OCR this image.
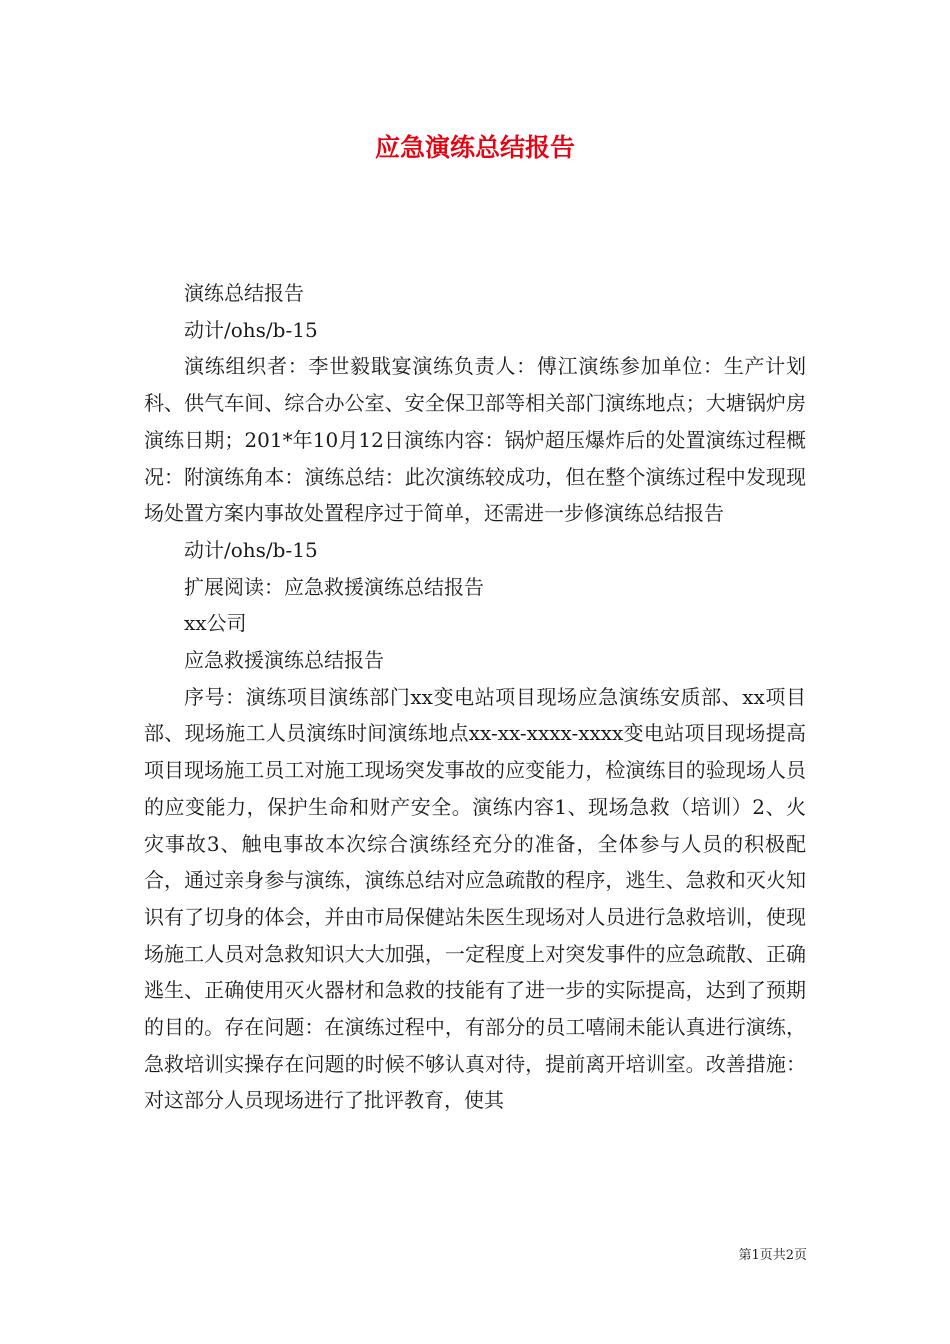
应急演练总结报告

演练总结报告

动计/ohs/b-15

演练组织者：李世毅戢宴演练负责人：傅江演练参加单位：生产计划科、供气车间、综合办公室、安全保卫部等相关部门演练地点；大塘锅炉房演练日期；201*年10月12日演练内容：锅炉超压爆炸后的处置演练过程概况：附演练角本：演练总结：此次演练较成功，但在整个演练过程中发现现场处置方案内事故处置程序过于简单，还需进一步修演练总结报告

动计/ohs/b-15

扩展阅读：应急救援演练总结报告

xx公司

应急救援演练总结报告

序号：演练项目演练部门xx变电站项目现场应急演练安质部、xx项目部、现场施工人员演练时间演练地点xx-xx-xxxx-xxxx变电站项目现场提高项目现场施工员工对施工现场突发事故的应变能力，检演练目的验现场人员的应变能力，保护生命和财产安全。演练内容1、现场急救（培训）2、火灾事故3、触电事故本次综合演练经充分的准备，全体参与人员的积极配合，通过亲身参与演练，演练总结对应急疏散的程序，逃生、急救和灭火知识有了切身的体会，并由市局保健站朱医生现场对人员进行急救培训，使现场施工人员对急救知识大大加强，一定程度上对突发事件的应急疏散、正确逃生、正确使用灭火器材和急救的技能有了进一步的实际提高，达到了预期的目的。存在问题：在演练过程中，有部分的员工嘻闹未能认真进行演练，急救培训实操存在问题的时候不够认真对待，提前离开培训室。改善措施：对这部分人员现场进行了批评教育，使其

第1页共2页
